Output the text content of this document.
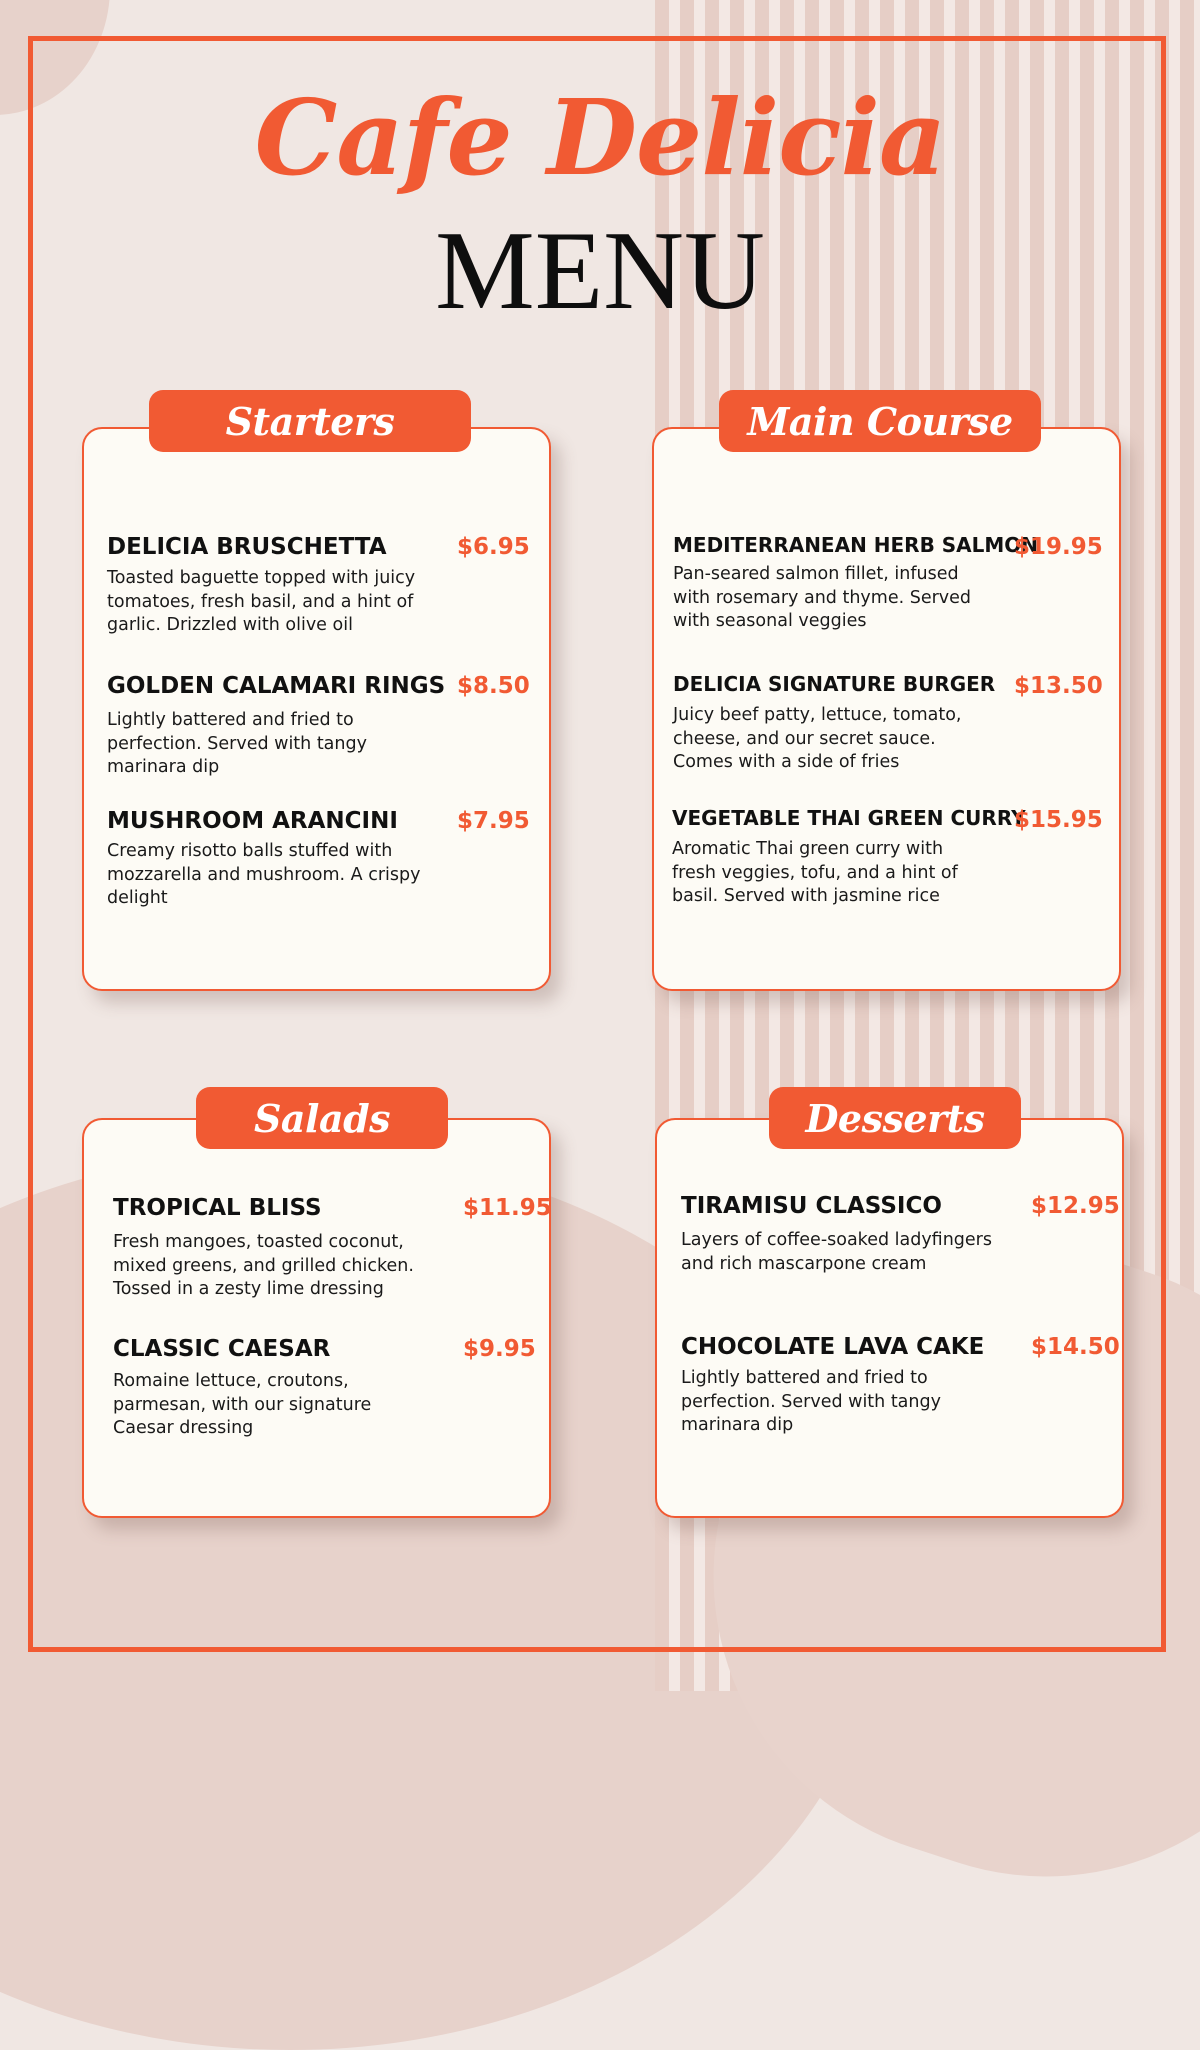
Cafe Delicia
MENU

DELICIA BRUSCHETTA	$6.95

Toasted baguette topped with juicy
tomatoes, fresh basil, and a hint of
garlic. Drizzled with olive oil

GOLDEN CALAMARI RINGS $8.50

Lightly battered and fried to
perfection. Served with tangy
marinara dip

MUSHROOM ARANCINI	$7.95

Creamy risotto balls stuffed with
mozzarella and mushroom. A crispy
delight

Starters

MEDITERRANEAN HERB SALMON

$19.95

Pan-seared salmon fillet, infused
with rosemary and thyme. Served
with seasonal veggies

DELICIA SIGNATURE BURGER $13.50

Juicy beef patty, lettuce, tomato,
cheese, and our secret sauce.
Comes with a side of fries

VEGETABLE THAI GREEN CURRY

$15.95

Aromatic Thai green curry with
fresh veggies, tofu, and a hint of
basil. Served with jasmine rice

Main Course

TROPICAL BLISS	$11.95

Fresh mangoes, toasted coconut,
mixed greens, and grilled chicken.
Tossed in a zesty lime dressing

CLASSIC CAESAR	$9.95

Romaine lettuce, croutons,
parmesan, with our signature
Caesar dressing

Salads

TIRAMISU CLASSICO	$12.95

Layers of coffee-soaked ladyfingers
and rich mascarpone cream

CHOCOLATE LAVA CAKE $14.50

Lightly battered and fried to
perfection. Served with tangy
marinara dip

Desserts
